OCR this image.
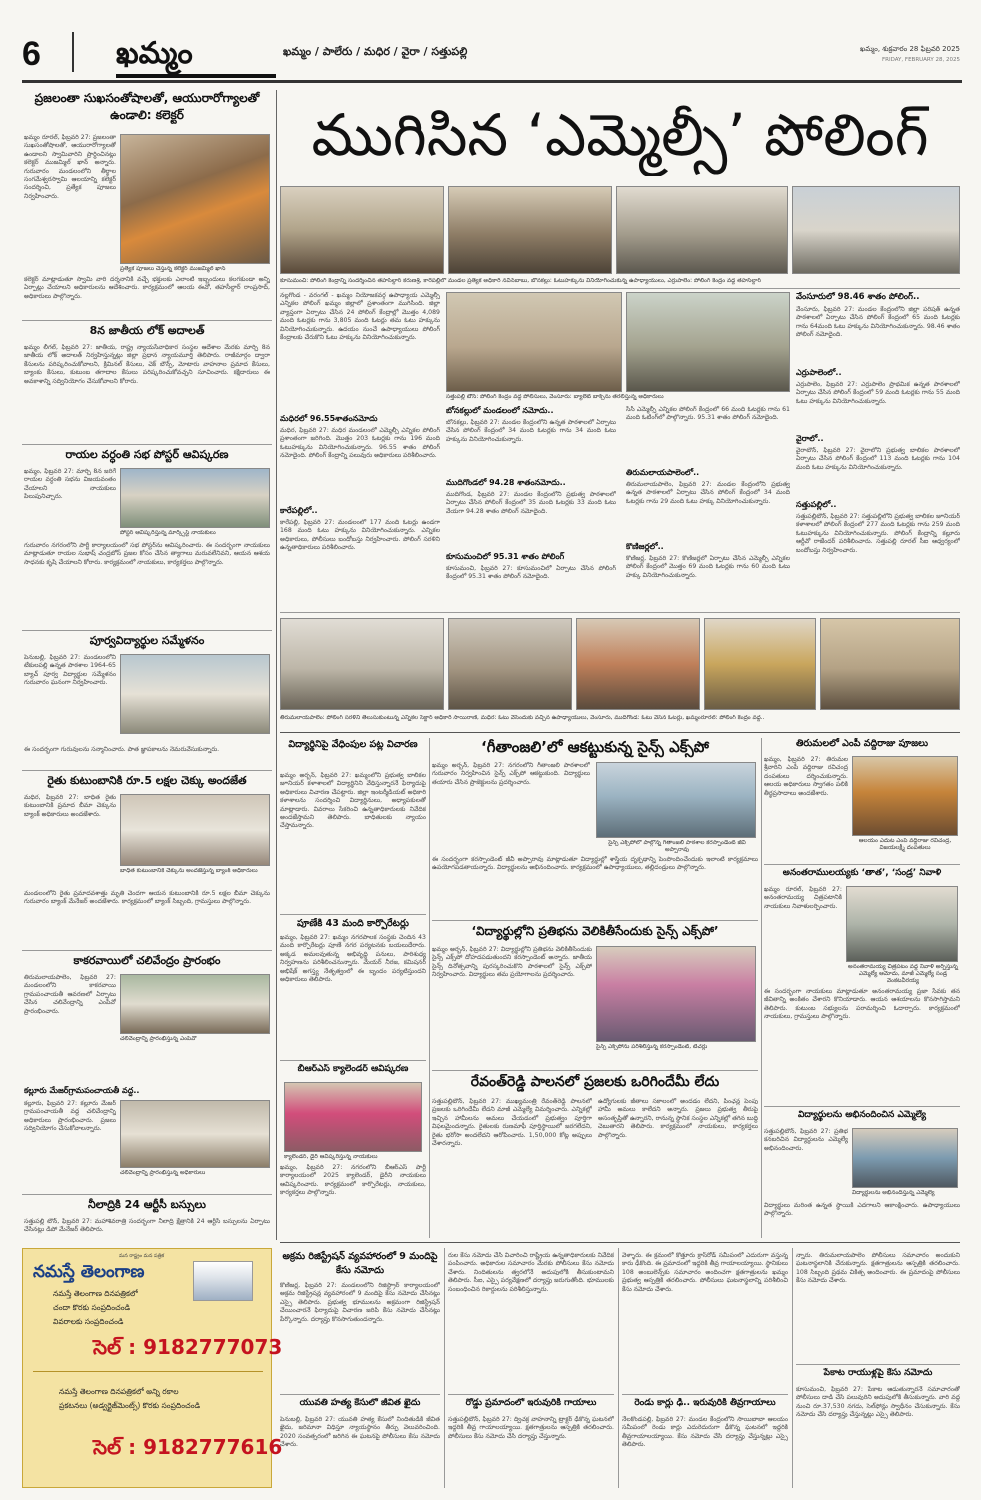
6	ఖమ్మం	ఖమ్మం / పాలేరు / మధిర / వైరా / సత్తుపల్లి	ఖమ్మం, శుక్రవారం 28 ఫిబ్రవరి 2025
FRIDAY, FEBRUARY 28, 2025
ప్రజలంతా సుఖసంతోషాలతో, ఆయురారోగ్యాలతో ఉండాలి: కలెక్టర్

ఖమ్మం రూరల్, ఫిబ్రవరి 27: ప్రజలంతా సుఖసంతోషాలతో, ఆయురారోగ్యాలతో ఉండాలని స్వామివారిని ప్రార్థించినట్లు కలెక్టర్ ముజమ్మిల్ ఖాన్ అన్నారు. గురువారం మండలంలోని తీర్థాల సంగమేశ్వరస్వామి ఆలయాన్ని కలెక్టర్ సందర్శించి, ప్రత్యేక పూజలు నిర్వహించారు.

ప్రత్యేక పూజలు చేస్తున్న కలెక్టర్ ముజమ్మిల్ ఖాన్

కలెక్టర్ మాట్లాడుతూ స్వామి వారి దర్శనానికి వచ్చే భక్తులకు ఎలాంటి ఇబ్బందులు కలగకుండా అన్ని ఏర్పాట్లు చేయాలని అధికారులను ఆదేశించారు. కార్యక్రమంలో ఆలయ ఈవో, తహసీల్దార్ రాంప్రసాద్, అధికారులు పాల్గొన్నారు.

8న జాతీయ లోక్ అదాలత్

ఖమ్మం లీగల్, ఫిబ్రవరి 27: జాతీయ, రాష్ట్ర న్యాయసేవాధికార సంస్థల ఆదేశాల మేరకు మార్చి 8న జాతీయ లోక్ అదాలత్ నిర్వహిస్తున్నట్లు జిల్లా ప్రధాన న్యాయమూర్తి తెలిపారు. రాజీమార్గం ద్వారా కేసులను పరిష్కరించుకోవాలని, క్రిమినల్ కేసులు, చెక్ బౌన్స్, మోటారు వాహనాల ప్రమాద కేసులు, బ్యాంకు కేసులు, కుటుంబ తగాదాల కేసులు పరిష్కరించుకోవచ్చని సూచించారు. కక్షిదారులు ఈ అవకాశాన్ని సద్వినియోగం చేసుకోవాలని కోరారు.

రాయల వర్ధంతి సభ పోస్టర్ ఆవిష్కరణ

ఖమ్మం, ఫిబ్రవరి 27: మార్చి 8న జరిగే రాయల వర్ధంతి సభను విజయవంతం చేయాలని నాయకులు పిలుపునిచ్చారు.

పోస్టర్ ఆవిష్కరిస్తున్న మార్క్సిస్ట్ నాయకులు

గురువారం నగరంలోని పార్టీ కార్యాలయంలో సభ పోస్టర్‌ను ఆవిష్కరించారు. ఈ సందర్భంగా నాయకులు మాట్లాడుతూ రాయల సుభాష్ చంద్రబోస్ ప్రజల కోసం చేసిన త్యాగాలు మరువలేనివని, ఆయన ఆశయ సాధనకు కృషి చేయాలని కోరారు. కార్యక్రమంలో నాయకులు, కార్యకర్తలు పాల్గొన్నారు.

పూర్వవిద్యార్థుల సమ్మేళనం

పెనుబల్లి, ఫిబ్రవరి 27: మండలంలోని టేకులపల్లి ఉన్నత పాఠశాల 1964-65 బ్యాచ్ పూర్వ విద్యార్థుల సమ్మేళనం గురువారం ఘనంగా నిర్వహించారు.

ఈ సందర్భంగా గురువులను సన్మానించారు. పాత జ్ఞాపకాలను నెమరువేసుకున్నారు.

రైతు కుటుంబానికి రూ.5 లక్షల చెక్కు అందజేత

మధిర, ఫిబ్రవరి 27: బాధిత రైతు కుటుంబానికి ప్రమాద బీమా చెక్కును బ్యాంక్ అధికారులు అందజేశారు.

బాధిత కుటుంబానికి చెక్కును అందజేస్తున్న బ్యాంక్ అధికారులు

మండలంలోని రైతు ప్రమాదవశాత్తు మృతి చెందగా ఆయన కుటుంబానికి రూ.5 లక్షల బీమా చెక్కును గురువారం బ్యాంక్ మేనేజర్ అందజేశారు. కార్యక్రమంలో బ్యాంక్ సిబ్బంది, గ్రామస్తులు పాల్గొన్నారు.

కాకరవాయిలో చలివేంద్రం ప్రారంభం

తిరుమలాయపాలెం, ఫిబ్రవరి 27: మండలంలోని కాకరవాయి గ్రామపంచాయతీ ఆవరణలో ఏర్పాటు చేసిన చలివేంద్రాన్ని ఎంపీవో ప్రారంభించారు.

చలివేంద్రాన్ని ప్రారంభిస్తున్న ఎంపీవో
కల్లూరు మేజర్‌గ్రామపంచాయతీ వద్ద..

కల్లూరు, ఫిబ్రవరి 27: కల్లూరు మేజర్ గ్రామపంచాయతీ వద్ద చలివేంద్రాన్ని అధికారులు ప్రారంభించారు. ప్రజలు సద్వినియోగం చేసుకోవాలన్నారు.

చలివేంద్రాన్ని ప్రారంభిస్తున్న అధికారులు
నీలాద్రికి 24 ఆర్టీసీ బస్సులు

సత్తుపల్లి టౌన్, ఫిబ్రవరి 27: మహాశివరాత్రి సందర్భంగా నీలాద్రి క్షేత్రానికి 24 ఆర్టీసీ బస్సులను ఏర్పాటు చేసినట్లు డిపో మేనేజర్ తెలిపారు.

ముగిసిన ‘ఎమ్మెల్సీ’ పోలింగ్
కూసుమంచి: పోలింగ్ కేంద్రాన్ని సందర్శించిన తహసీల్దార్ కరుణశ్రీ, కారేపల్లిలో మండల ప్రత్యేక అధికారి నవీన్‌బాబు, బోనకల్లు: ఓటుహక్కును వినియోగించుకున్న ఉపాధ్యాయులు, ఎర్రుపాలెం: పోలింగ్ కేంద్రం వద్ద తహసీల్దార్

నల్లగొండ - వరంగల్ - ఖమ్మం నియోజకవర్గ ఉపాధ్యాయ ఎమ్మెల్సీ ఎన్నికల పోలింగ్ ఖమ్మం జిల్లాలో ప్రశాంతంగా ముగిసింది. జిల్లా వ్యాప్తంగా ఏర్పాటు చేసిన 24 పోలింగ్ కేంద్రాల్లో మొత్తం 4,089 మంది ఓటర్లకు గాను 3,805 మంది ఓటర్లు తమ ఓటు హక్కును వినియోగించుకున్నారు. ఉదయం నుంచే ఉపాధ్యాయులు పోలింగ్ కేంద్రాలకు చేరుకొని ఓటు హక్కును వినియోగించుకున్నారు.

మధిరలో 96.55శాతంనమోదు

మధిర, ఫిబ్రవరి 27: మధిర మండలంలో ఎమ్మెల్సీ ఎన్నికల పోలింగ్ ప్రశాంతంగా జరిగింది. మొత్తం 203 ఓటర్లకు గాను 196 మంది ఓటుహక్కును వినియోగించుకున్నారు. 96.55 శాతం పోలింగ్ నమోదైంది. పోలింగ్ కేంద్రాన్ని పలువురు అధికారులు పరిశీలించారు.

కారేపల్లిలో..

కారేపల్లి, ఫిబ్రవరి 27: మండలంలో 177 మంది ఓటర్లు ఉండగా 168 మంది ఓటు హక్కును వినియోగించుకున్నారు. ఎన్నికల అధికారులు, పోలీసులు బందోబస్తు నిర్వహించారు. పోలింగ్ సరళిని ఉన్నతాధికారులు పరిశీలించారు.

సత్తుపల్లి టౌన్: పోలింగ్ కేంద్రం వద్ద పోలీసులు, వేంసూరు: బ్యాలెట్ బాక్స్‌ను తరలిస్తున్న అధికారులు
బోనకల్లులో మండలంలో నమోదు..

బోనకల్లు, ఫిబ్రవరి 27: మండల కేంద్రంలోని ఉన్నత పాఠశాలలో ఏర్పాటు చేసిన పోలింగ్ కేంద్రంలో 34 మంది ఓటర్లకు గాను 34 మంది ఓటు హక్కును వినియోగించుకున్నారు.

ముదిగొండలో 94.28 శాతంనమోదు..

ముదిగొండ, ఫిబ్రవరి 27: మండల కేంద్రంలోని ప్రభుత్వ పాఠశాలలో ఏర్పాటు చేసిన పోలింగ్ కేంద్రంలో 35 మంది ఓటర్లకు 33 మంది ఓటు వేయగా 94.28 శాతం పోలింగ్ నమోదైంది.

కూసుమంచిలో 95.31 శాతం పోలింగ్

కూసుమంచి, ఫిబ్రవరి 27: కూసుమంచిలో ఏర్పాటు చేసిన పోలింగ్ కేంద్రంలో 95.31 శాతం పోలింగ్ నమోదైంది.

సీసీ ఎమ్మెల్సీ ఎన్నికల పోలింగ్ కేంద్రంలో 66 మంది ఓటర్లకు గాను 61 మంది ఓటింగ్‌లో పాల్గొన్నారు. 95.31 శాతం పోలింగ్ నమోదైంది.

తిరుమలాయపాలెంలో..

తిరుమలాయపాలెం, ఫిబ్రవరి 27: మండల కేంద్రంలోని ప్రభుత్వ ఉన్నత పాఠశాలలో ఏర్పాటు చేసిన పోలింగ్ కేంద్రంలో 34 మంది ఓటర్లకు గాను 29 మంది ఓటు హక్కు వినియోగించుకున్నారు.

కొణిజర్లలో..

కొణిజర్ల, ఫిబ్రవరి 27: కొణిజర్లలో ఏర్పాటు చేసిన ఎమ్మెల్సీ ఎన్నికల పోలింగ్ కేంద్రంలో మొత్తం 69 మంది ఓటర్లకు గాను 60 మంది ఓటు హక్కు వినియోగించుకున్నారు.

వేంసూరులో 98.46 శాతం పోలింగ్..

వేంసూరు, ఫిబ్రవరి 27: మండల కేంద్రంలోని జిల్లా పరిషత్ ఉన్నత పాఠశాలలో ఏర్పాటు చేసిన పోలింగ్ కేంద్రంలో 65 మంది ఓటర్లకు గాను 64మంది ఓటు హక్కును వినియోగించుకున్నారు. 98.46 శాతం పోలింగ్ నమోదైంది.

ఎర్రుపాలెంలో..

ఎర్రుపాలెం, ఫిబ్రవరి 27: ఎర్రుపాలెం ప్రాథమిక ఉన్నత పాఠశాలలో ఏర్పాటు చేసిన పోలింగ్ కేంద్రంలో 59 మంది ఓటర్లకు గాను 55 మంది ఓటు హక్కును వినియోగించుకున్నారు.

వైరాలో..

వైరాటౌన్, ఫిబ్రవరి 27: వైరాలోని ప్రభుత్వ బాలికల పాఠశాలలో ఏర్పాటు చేసిన పోలింగ్ కేంద్రంలో 113 మంది ఓటర్లకు గాను 104 మంది ఓటు హక్కును వినియోగించుకున్నారు.

సత్తుపల్లిలో..

సత్తుపల్లిటౌన్, ఫిబ్రవరి 27: సత్తుపల్లిలోని ప్రభుత్వ బాలికల జూనియర్ కళాశాలలో పోలింగ్ కేంద్రంలో 277 మంది ఓటర్లకు గాను 259 మంది ఓటుహక్కును వినియోగించుకున్నారు. పోలింగ్ కేంద్రాన్ని కల్లూరు ఆర్డీవో రాజేందర్ పరిశీలించారు. సత్తుపల్లి రూరల్ సీఐ ఆధ్వర్యంలో బందోబస్తు నిర్వహించారు.

తిరుమలాయపాలెం: పోలింగ్ సరళిని తెలుసుకుంటున్న ఎన్నికల సెక్టార్ అధికారి సాయిరాణి, మధిర: ఓటు వేసేందుకు వచ్చిన ఉపాధ్యాయులు, వేంసూరు, ముదిగొండ: ఓటు వేసిన ఓటర్లు, ఖమ్మంరూరల్: పోలింగ్ కేంద్రం వద్ద..
విద్యార్థినిపై వేధింపుల పట్ల విచారణ

ఖమ్మం అర్బన్, ఫిబ్రవరి 27: ఖమ్మంలోని ప్రభుత్వ బాలికల జూనియర్ కళాశాలలో విద్యార్థినిని వేధిస్తున్నారనే ఫిర్యాదుపై అధికారులు విచారణ చేపట్టారు. జిల్లా ఇంటర్మీడియట్ అధికారి కళాశాలను సందర్శించి విద్యార్థినులు, అధ్యాపకులతో మాట్లాడారు. వివరాలు సేకరించి ఉన్నతాధికారులకు నివేదిక అందజేస్తామని తెలిపారు. బాధితులకు న్యాయం చేస్తామన్నారు.

పూణేకి 43 మంది కార్పొరేటర్లు

ఖమ్మం, ఫిబ్రవరి 27: ఖమ్మం నగరపాలక సంస్థకు చెందిన 43 మంది కార్పొరేటర్లు పూణే నగర పర్యటనకు బయలుదేరారు. అక్కడ అమలవుతున్న అభివృద్ధి పనులు, పారిశుధ్య నిర్వహణను పరిశీలించనున్నారు. మేయర్ నీరజ, కమిషనర్ అభిషేక్ అగస్త్య నేతృత్వంలో ఈ బృందం పర్యటిస్తుందని అధికారులు తెలిపారు.

బీఆర్ఎస్ క్యాలెండర్ ఆవిష్కరణ
క్యాలెండర్, డైరీ ఆవిష్కరిస్తున్న నాయకులు

ఖమ్మం, ఫిబ్రవరి 27: నగరంలోని బీఆర్ఎస్ పార్టీ కార్యాలయంలో 2025 క్యాలెండర్, డైరీని నాయకులు ఆవిష్కరించారు. కార్యక్రమంలో కార్పొరేటర్లు, నాయకులు, కార్యకర్తలు పాల్గొన్నారు.

‘గీతాంజలి’లో ఆకట్టుకున్న సైన్స్ ఎక్స్‌పో

ఖమ్మం అర్బన్, ఫిబ్రవరి 27: నగరంలోని గీతాంజలి పాఠశాలలో గురువారం నిర్వహించిన సైన్స్ ఎక్స్‌పో ఆకట్టుకుంది. విద్యార్థులు తయారు చేసిన ప్రాజెక్టులను ప్రదర్శించారు.

సైన్స్ ఎక్స్‌పోలో పాల్గొన్న గీతాంజలి పాఠశాల కరస్పాండెంట్ జీవీ అప్పారావు

ఈ సందర్భంగా కరస్పాండెంట్ జీవీ అప్పారావు మాట్లాడుతూ విద్యార్థుల్లో శాస్త్రీయ దృక్పథాన్ని పెంపొందించేందుకు ఇలాంటి కార్యక్రమాలు ఉపయోగపడతాయన్నారు. విద్యార్థులను అభినందించారు. కార్యక్రమంలో ఉపాధ్యాయులు, తల్లిదండ్రులు పాల్గొన్నారు.

‘విద్యార్థుల్లోని ప్రతిభను వెలికితీసేందుకు సైన్స్ ఎక్స్‌పో’

ఖమ్మం అర్బన్, ఫిబ్రవరి 27: విద్యార్థుల్లోని ప్రతిభను వెలికితీసేందుకు సైన్స్ ఎక్స్‌పో దోహదపడుతుందని కరస్పాండెంట్ అన్నారు. జాతీయ సైన్స్ దినోత్సవాన్ని పురస్కరించుకొని పాఠశాలలో సైన్స్ ఎక్స్‌పో నిర్వహించారు. విద్యార్థులు తమ ప్రయోగాలను ప్రదర్శించారు.

సైన్స్ ఎక్స్‌పోను పరిశీలిస్తున్న కరస్పాండెంట్, టీచర్లు
రేవంత్‌రెడ్డి పాలనలో ప్రజలకు ఒరిగిందేమీ లేదు

సత్తుపల్లిటౌన్, ఫిబ్రవరి 27: ముఖ్యమంత్రి రేవంత్‌రెడ్డి పాలనలో ప్రజలకు ఒరిగిందేమీ లేదని మాజీ ఎమ్మెల్యే విమర్శించారు. ఎన్నికల్లో ఇచ్చిన హామీలను అమలు చేయడంలో ప్రభుత్వం పూర్తిగా విఫలమైందన్నారు. రైతులకు రుణమాఫీ పూర్తిస్థాయిలో జరగలేదని, రైతు భరోసా అందలేదని ఆరోపించారు. 1,50,000 కోట్ల అప్పులు చేశారన్నారు.

ఉద్యోగులకు జీతాలు సకాలంలో అందడం లేదని, పింఛన్ల పెంపు హామీ అమలు కాలేదని అన్నారు. ప్రజలు ప్రభుత్వ తీరుపై అసంతృప్తితో ఉన్నారని, రానున్న స్థానిక సంస్థల ఎన్నికల్లో తగిన బుద్ధి చెబుతారని తెలిపారు. కార్యక్రమంలో నాయకులు, కార్యకర్తలు పాల్గొన్నారు.

తిరుమలలో ఎంపీ వద్దిరాజు పూజలు

ఖమ్మం, ఫిబ్రవరి 27: తిరుమల శ్రీవారిని ఎంపీ వద్దిరాజు రవిచంద్ర దంపతులు దర్శించుకున్నారు. ఆలయ అధికారులు స్వాగతం పలికి తీర్థప్రసాదాలు అందజేశారు.

ఆలయం ఎదుట ఎంపీ వద్దిరాజు రవిచంద్ర, విజయలక్ష్మీ దంపతులు
అనంతరాములయ్యకు ‘తాత’, ‘సండ్ర’ నివాళి

ఖమ్మం రూరల్, ఫిబ్రవరి 27: అనంతరామయ్య చిత్రపటానికి నాయకులు నివాళులర్పించారు.

అనంతరామయ్య చిత్రపటం వద్ద నివాళి అర్పిస్తున్న ఎమ్మెల్యే ఆమోదు, మాజీ ఎమ్మెల్యే సండ్ర వెంకటవీరయ్య

ఈ సందర్భంగా నాయకులు మాట్లాడుతూ అనంతరామయ్య ప్రజా సేవకు తన జీవితాన్ని అంకితం చేశారని కొనియాడారు. ఆయన ఆశయాలను కొనసాగిస్తామని తెలిపారు. కుటుంబ సభ్యులను పరామర్శించి ఓదార్చారు. కార్యక్రమంలో నాయకులు, గ్రామస్తులు పాల్గొన్నారు.

విద్యార్థులను అభినందించిన ఎమ్మెల్యే

సత్తుపల్లిటౌన్, ఫిబ్రవరి 27: ప్రతిభ కనబరిచిన విద్యార్థులను ఎమ్మెల్యే అభినందించారు.

విద్యార్థులను అభినందిస్తున్న ఎమ్మెల్యే

విద్యార్థులు మరింత ఉన్నత స్థాయికి ఎదగాలని ఆకాంక్షించారు. ఉపాధ్యాయులు పాల్గొన్నారు.

మన రాష్ట్రం మన పత్రిక
నమస్తే తెలంగాణ
నమస్తే తెలంగాణ దినపత్రికలో
చందా కొరకు సంప్రదించండి
వివరాలకు సంప్రదించండి
సెల్ : 9182777073
నమస్తే తెలంగాణ దినపత్రికలో అన్ని రకాల
ప్రకటనలు (అడ్వర్టైజ్‌మెంట్స్) కొరకు సంప్రదించండి
సెల్ : 9182777616
అక్రమ రిజిస్ట్రేషన్ వ్యవహారంలో 9 మందిపై కేసు నమోదు

కొణిజర్ల, ఫిబ్రవరి 27: మండలంలోని రిజిస్ట్రార్ కార్యాలయంలో అక్రమ రిజిస్ట్రేషన్ల వ్యవహారంలో 9 మందిపై కేసు నమోదు చేసినట్లు ఎస్సై తెలిపారు. ప్రభుత్వ భూములను అక్రమంగా రిజిస్ట్రేషన్ చేయించారనే ఫిర్యాదుపై విచారణ జరిపి కేసు నమోదు చేసినట్లు పేర్కొన్నారు. దర్యాప్తు కొనసాగుతుందన్నారు.

యువతి హత్య కేసులో జీవిత ఖైదు

పెనుబల్లి, ఫిబ్రవరి 27: యువతి హత్య కేసులో నిందితుడికి జీవిత ఖైదు, జరిమానా విధిస్తూ న్యాయస్థానం తీర్పు వెలువరించింది. 2020 సంవత్సరంలో జరిగిన ఈ ఘటనపై పోలీసులు కేసు నమోదు చేశారు.

రుల కేసు నమోదు చేసి విచారించి రాష్ట్రీయ ఉన్నతాధికారులకు నివేదిక పంపించారు. అధికారుల సమాచారం మేరకు పోలీసులు కేసు నమోదు చేశారు. నిందితులను త్వరలోనే అదుపులోకి తీసుకుంటామని తెలిపారు. సీఐ, ఎస్సై పర్యవేక్షణలో దర్యాప్తు జరుగుతోంది. భూములకు సంబంధించిన రికార్డులను పరిశీలిస్తున్నారు.

రోడ్డు ప్రమాదంలో ఇరువురికి గాయాలు

సత్తుపల్లిటౌన్, ఫిబ్రవరి 27: ద్విచక్ర వాహనాన్ని ట్రాక్టర్ ఢీకొన్న ఘటనలో ఇద్దరికి తీవ్ర గాయాలయ్యాయి. క్షతగాత్రులను ఆస్పత్రికి తరలించారు. పోలీసులు కేసు నమోదు చేసి దర్యాప్తు చేస్తున్నారు.

వెళ్ళారు. ఈ క్రమంలో కొత్తూరు క్రాస్‌రోడ్ సమీపంలో ఎదురుగా వస్తున్న కారు ఢీకొంది. ఈ ప్రమాదంలో ఇద్దరికి తీవ్ర గాయాలయ్యాయి. స్థానికులు 108 అంబులెన్స్‌కు సమాచారం అందించగా క్షతగాత్రులను ఖమ్మం ప్రభుత్వ ఆస్పత్రికి తరలించారు. పోలీసులు ఘటనాస్థలాన్ని పరిశీలించి కేసు నమోదు చేశారు.

రెండు కార్లు ఢీ.. ఇరువురికి తీవ్రగాయాలు

నేలకొండపల్లి, ఫిబ్రవరి 27: మండల కేంద్రంలోని సాయిబాబా ఆలయం సమీపంలో రెండు కార్లు ఎదురెదురుగా ఢీకొన్న ఘటనలో ఇద్దరికి తీవ్రగాయాలయ్యాయి. కేసు నమోదు చేసి దర్యాప్తు చేస్తున్నట్లు ఎస్సై తెలిపారు.

న్నారు. తిరుమలాయపాలెం పోలీసులు సమాచారం అందుకుని ఘటనాస్థలానికి చేరుకున్నారు. క్షతగాత్రులను ఆస్పత్రికి తరలించారు. 108 సిబ్బంది ప్రథమ చికిత్స అందించారు. ఈ ప్రమాదంపై పోలీసులు కేసు నమోదు చేశారు.

పేకాట రాయుళ్లపై కేసు నమోదు

కూసుమంచి, ఫిబ్రవరి 27: పేకాట ఆడుతున్నారనే సమాచారంతో పోలీసులు దాడి చేసి పలువురిని అదుపులోకి తీసుకున్నారు. వారి వద్ద నుంచి రూ.37,530 నగదు, సెల్‌ఫోన్లు స్వాధీనం చేసుకున్నారు. కేసు నమోదు చేసి దర్యాప్తు చేస్తున్నట్లు ఎస్సై తెలిపారు.
